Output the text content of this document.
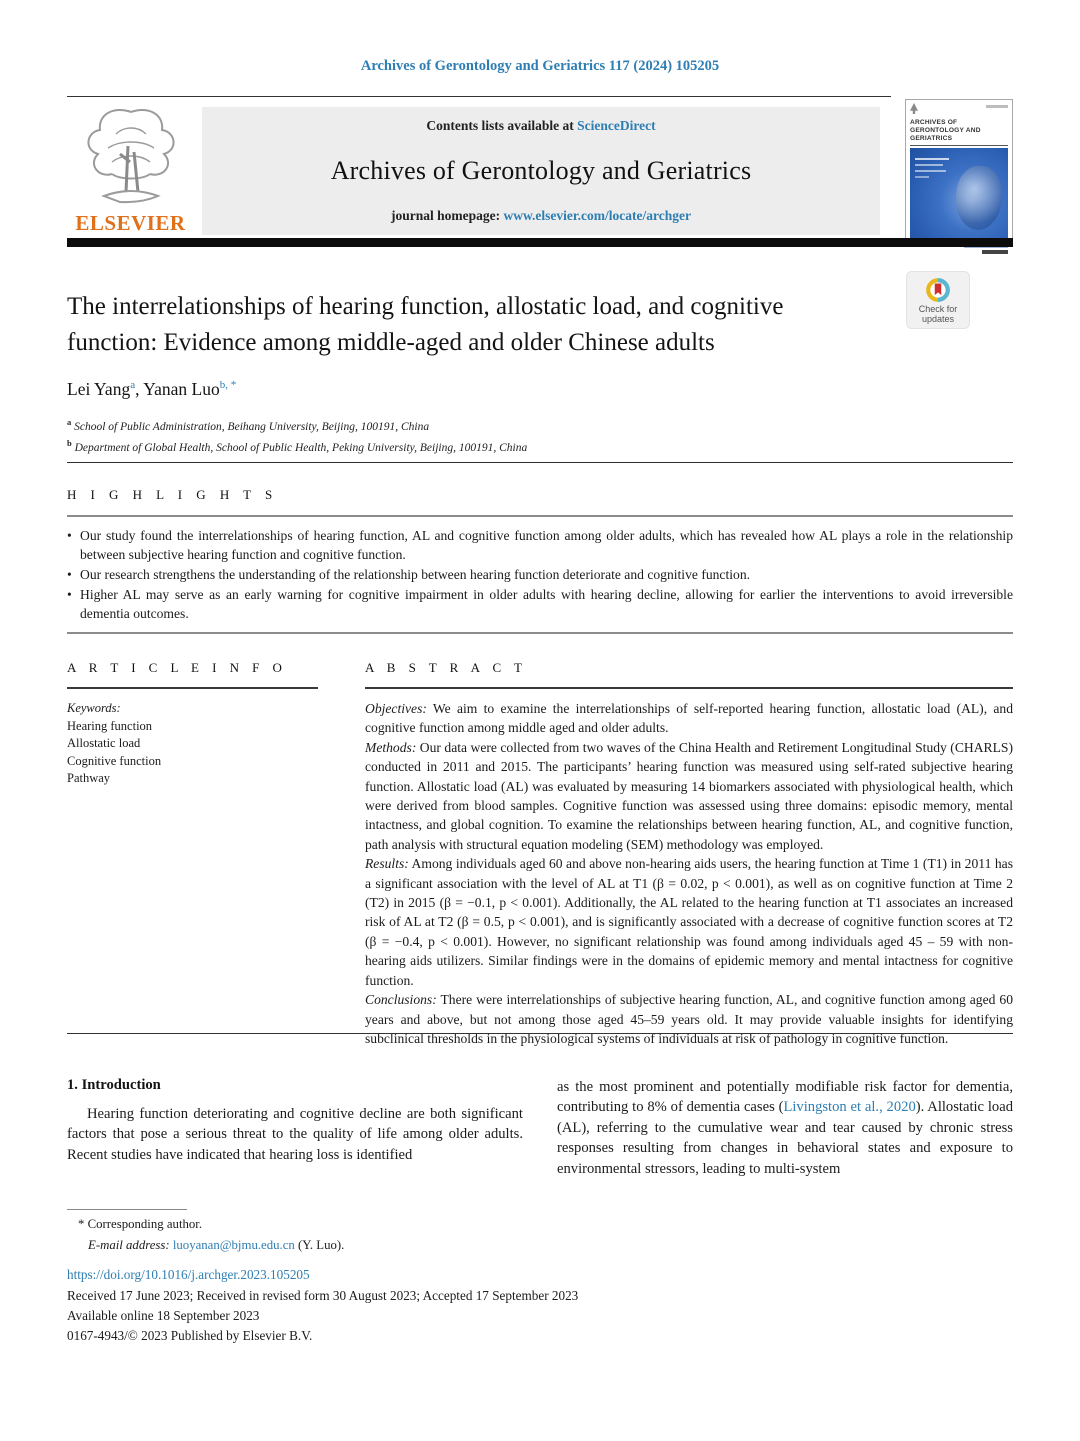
Archives of Gerontology and Geriatrics 117 (2024) 105205
ELSEVIER
Contents lists available at ScienceDirect
Archives of Gerontology and Geriatrics
journal homepage: www.elsevier.com/locate/archger
ARCHIVES OF GERONTOLOGY AND GERIATRICS
Check for
updates
The interrelationships of hearing function, allostatic load, and cognitive
function: Evidence among middle-aged and older Chinese adults
Lei Yang$^a$, Yanan Luo$^{b, *}$
$^a$ School of Public Administration, Beihang University, Beijing, 100191, China
$^b$ Department of Global Health, School of Public Health, Peking University, Beijing, 100191, China
H I G H L I G H T S
• Our study found the interrelationships of hearing function, AL and cognitive function among older adults, which has revealed how AL plays a role in the relationship between subjective hearing function and cognitive function.
• Our research strengthens the understanding of the relationship between hearing function deteriorate and cognitive function.
• Higher AL may serve as an early warning for cognitive impairment in older adults with hearing decline, allowing for earlier the interventions to avoid irreversible dementia outcomes.
A R T I C L E I N F O	A B S T R A C T
Keywords:
Hearing function
Allostatic load
Cognitive function
Pathway

Objectives: We aim to examine the interrelationships of self-reported hearing function, allostatic load (AL), and cognitive function among middle aged and older adults.

Methods: Our data were collected from two waves of the China Health and Retirement Longitudinal Study (CHARLS) conducted in 2011 and 2015. The participants’ hearing function was measured using self-rated subjective hearing function. Allostatic load (AL) was evaluated by measuring 14 biomarkers associated with physiological health, which were derived from blood samples. Cognitive function was assessed using three domains: episodic memory, mental intactness, and global cognition. To examine the relationships between hearing function, AL, and cognitive function, path analysis with structural equation modeling (SEM) methodology was employed.

Results: Among individuals aged 60 and above non-hearing aids users, the hearing function at Time 1 (T1) in 2011 has a significant association with the level of AL at T1 (β = 0.02, p < 0.001), as well as on cognitive function at Time 2 (T2) in 2015 (β = −0.1, p < 0.001). Additionally, the AL related to the hearing function at T1 associates an increased risk of AL at T2 (β = 0.5, p < 0.001), and is significantly associated with a decrease of cognitive function scores at T2 (β = −0.4, p < 0.001). However, no significant relationship was found among individuals aged 45 – 59 with non-hearing aids utilizers. Similar findings were in the domains of epidemic memory and mental intactness for cognitive function.

Conclusions: There were interrelationships of subjective hearing function, AL, and cognitive function among aged 60 years and above, but not among those aged 45–59 years old. It may provide valuable insights for identifying subclinical thresholds in the physiological systems of individuals at risk of pathology in cognitive function.

1. Introduction

Hearing function deteriorating and cognitive decline are both significant factors that pose a serious threat to the quality of life among older adults. Recent studies have indicated that hearing loss is identified

as the most prominent and potentially modifiable risk factor for dementia, contributing to 8% of dementia cases (Livingston et al., 2020). Allostatic load (AL), referring to the cumulative wear and tear caused by chronic stress responses resulting from changes in behavioral states and exposure to environmental stressors, leading to multi-system

* Corresponding author.
E-mail address: luoyanan@bjmu.edu.cn (Y. Luo).
https://doi.org/10.1016/j.archger.2023.105205
Received 17 June 2023; Received in revised form 30 August 2023; Accepted 17 September 2023
Available online 18 September 2023
0167-4943/© 2023 Published by Elsevier B.V.
